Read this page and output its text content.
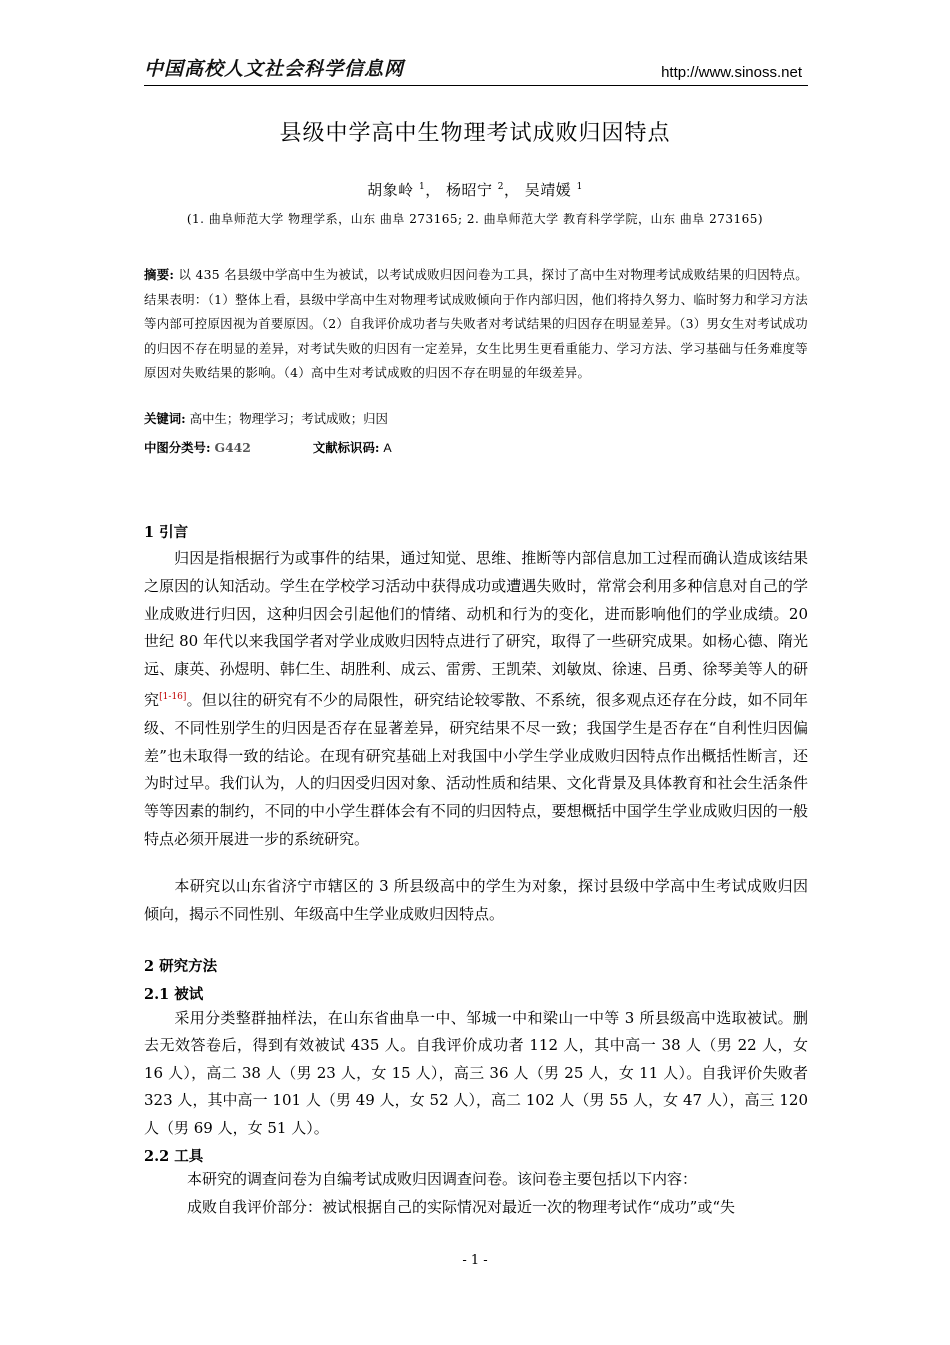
中国高校人文社会科学信息网	http://www.sinoss.net
县级中学高中生物理考试成败归因特点
胡象岭 $^1$， 杨昭宁 $^2$， 吴靖媛 $^1$
(1. 曲阜师范大学 物理学系，山东 曲阜 273165; 2. 曲阜师范大学 教育科学学院，山东 曲阜 273165)
摘要: 以 435 名县级中学高中生为被试，以考试成败归因问卷为工具，探讨了高中生对物理考试成败结果的归因特点。结果表明：（1）整体上看，县级中学高中生对物理考试成败倾向于作内部归因，他们将持久努力、临时努力和学习方法等内部可控原因视为首要原因。（2）自我评价成功者与失败者对考试结果的归因存在明显差异。（3）男女生对考试成功的归因不存在明显的差异，对考试失败的归因有一定差异，女生比男生更看重能力、学习方法、学习基础与任务难度等原因对失败结果的影响。（4）高中生对考试成败的归因不存在明显的年级差异。
关键词: 高中生；物理学习；考试成败；归因
中图分类号: G442	文献标识码: A
1 引言
归因是指根据行为或事件的结果，通过知觉、思维、推断等内部信息加工过程而确认造成该结果之原因的认知活动。学生在学校学习活动中获得成功或遭遇失败时，常常会利用多种信息对自己的学业成败进行归因，这种归因会引起他们的情绪、动机和行为的变化，进而影响他们的学业成绩。20 世纪 80 年代以来我国学者对学业成败归因特点进行了研究，取得了一些研究成果。如杨心德、隋光远、康英、孙煜明、韩仁生、胡胜利、成云、雷雳、王凯荣、刘敏岚、徐速、吕勇、徐琴美等人的研究[1-16]。但以往的研究有不少的局限性，研究结论较零散、不系统，很多观点还存在分歧，如不同年级、不同性别学生的归因是否存在显著差异，研究结果不尽一致；我国学生是否存在“自利性归因偏差”也未取得一致的结论。在现有研究基础上对我国中小学生学业成败归因特点作出概括性断言，还为时过早。我们认为，人的归因受归因对象、活动性质和结果、文化背景及具体教育和社会生活条件等等因素的制约，不同的中小学生群体会有不同的归因特点，要想概括中国学生学业成败归因的一般特点必须开展进一步的系统研究。
本研究以山东省济宁市辖区的 3 所县级高中的学生为对象，探讨县级中学高中生考试成败归因倾向，揭示不同性别、年级高中生学业成败归因特点。
2 研究方法
2.1 被试
采用分类整群抽样法，在山东省曲阜一中、邹城一中和梁山一中等 3 所县级高中选取被试。删去无效答卷后，得到有效被试 435 人。自我评价成功者 112 人，其中高一 38 人（男 22 人，女 16 人），高二 38 人（男 23 人，女 15 人），高三 36 人（男 25 人，女 11 人）。自我评价失败者 323 人，其中高一 101 人（男 49 人，女 52 人），高二 102 人（男 55 人，女 47 人），高三 120 人（男 69 人，女 51 人）。
2.2 工具
本研究的调查问卷为自编考试成败归因调查问卷。该问卷主要包括以下内容：
成败自我评价部分：被试根据自己的实际情况对最近一次的物理考试作“成功”或“失
- 1 -
